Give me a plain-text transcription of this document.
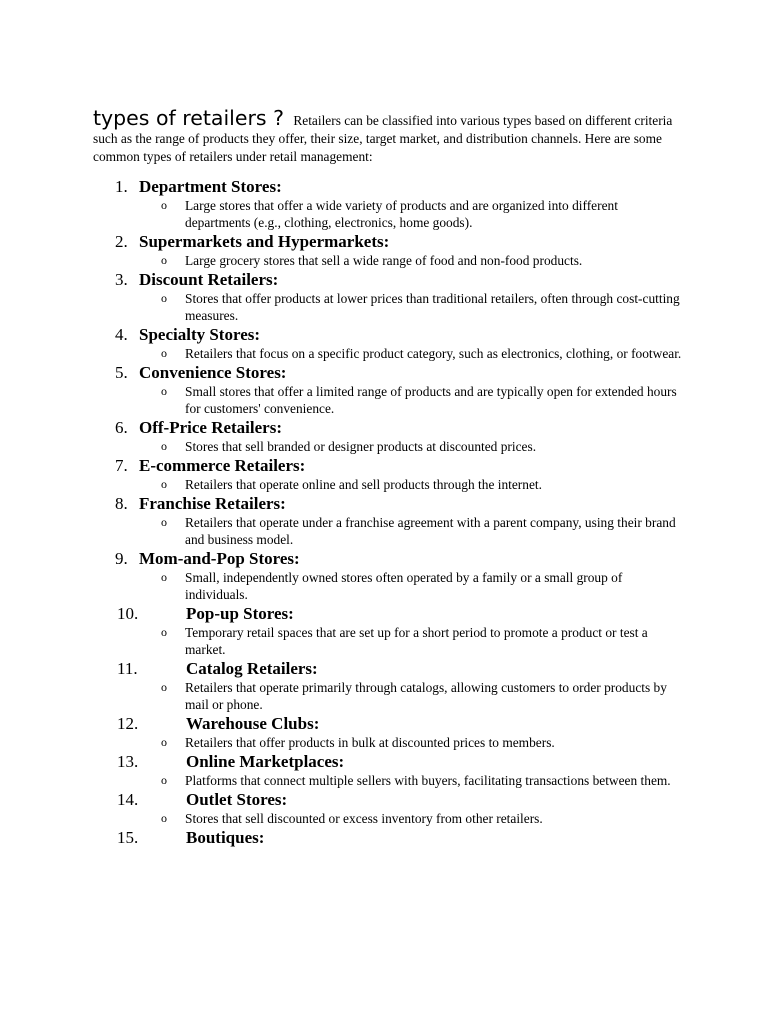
types of retailers ? Retailers can be classified into various types based on different criteria such as the range of products they offer, their size, target market, and distribution channels. Here are some common types of retailers under retail management:

1. Department Stores:

o Large stores that offer a wide variety of products and are organized into different departments (e.g., clothing, electronics, home goods).

2. Supermarkets and Hypermarkets:

o Large grocery stores that sell a wide range of food and non-food products.

3. Discount Retailers:

o Stores that offer products at lower prices than traditional retailers, often through cost-cutting measures.

4. Specialty Stores:

o Retailers that focus on a specific product category, such as electronics, clothing, or footwear.

5. Convenience Stores:

o Small stores that offer a limited range of products and are typically open for extended hours for customers' convenience.

6. Off-Price Retailers:

o Stores that sell branded or designer products at discounted prices.

7. E-commerce Retailers:

o Retailers that operate online and sell products through the internet.

8. Franchise Retailers:

o Retailers that operate under a franchise agreement with a parent company, using their brand and business model.

9. Mom-and-Pop Stores:

o Small, independently owned stores often operated by a family or a small group of individuals.

10.	Pop-up Stores:

o Temporary retail spaces that are set up for a short period to promote a product or test a market.

11.	Catalog Retailers:

o Retailers that operate primarily through catalogs, allowing customers to order products by mail or phone.

12.	Warehouse Clubs:

o Retailers that offer products in bulk at discounted prices to members.

13.	Online Marketplaces:

o Platforms that connect multiple sellers with buyers, facilitating transactions between them.

14.	Outlet Stores:

o Stores that sell discounted or excess inventory from other retailers.

15.	Boutiques:
